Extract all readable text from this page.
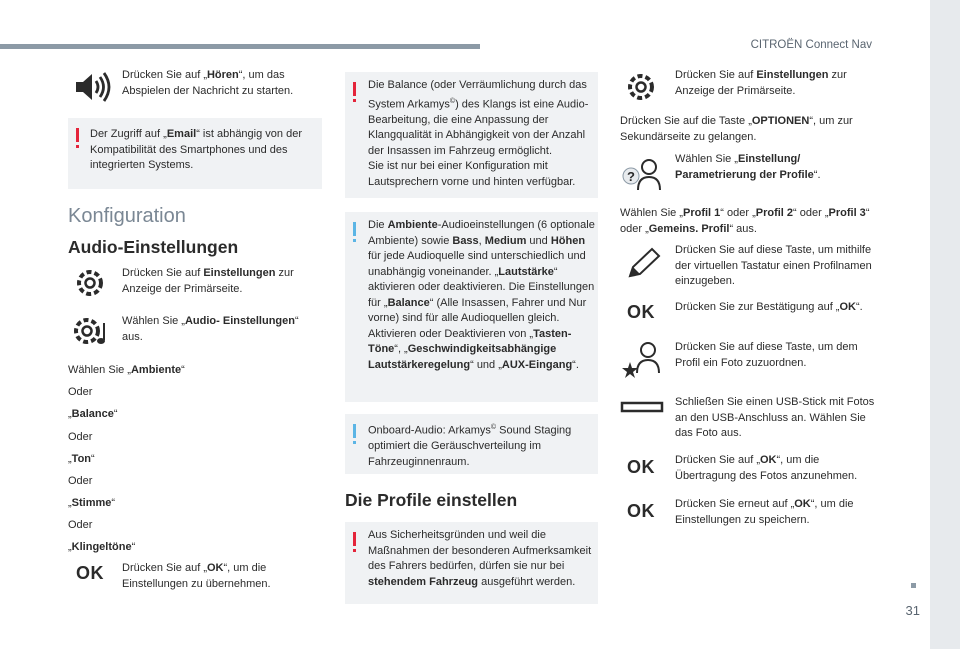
CITROËN Connect Nav
31
Drücken Sie auf „Hören“, um das Abspielen der Nachricht zu starten.
Der Zugriff auf „Email“ ist abhängig von der Kompatibilität des Smartphones und des integrierten Systems.
Konfiguration
Audio-Einstellungen
Drücken Sie auf Einstellungen zur Anzeige der Primärseite.
Wählen Sie „Audio- Einstellungen“ aus.
Wählen Sie „Ambiente“
Oder
„Balance“
Oder
„Ton“
Oder
„Stimme“
Oder
„Klingeltöne“
OK Drücken Sie auf „OK“, um die Einstellungen zu übernehmen.
Die Balance (oder Verräumlichung durch das System Arkamys©) des Klangs ist eine Audio-Bearbeitung, die eine Anpassung der Klangqualität in Abhängigkeit von der Anzahl der Insassen im Fahrzeug ermöglicht.
Sie ist nur bei einer Konfiguration mit Lautsprechern vorne und hinten verfügbar.
Die Ambiente-Audioeinstellungen (6 optionale Ambiente) sowie Bass, Medium und Höhen für jede Audioquelle sind unterschiedlich und unabhängig voneinander. „Lautstärke“ aktivieren oder deaktivieren. Die Einstellungen für „Balance“ (Alle Insassen, Fahrer und Nur vorne) sind für alle Audioquellen gleich. Aktivieren oder Deaktivieren von „Tasten-Töne“, „Geschwindigkeitsabhängige Lautstärkeregelung“ und „AUX-Eingang“.
Onboard-Audio: Arkamys© Sound Staging optimiert die Geräuschverteilung im Fahrzeuginnenraum.
Die Profile einstellen
Aus Sicherheitsgründen und weil die Maßnahmen der besonderen Aufmerksamkeit des Fahrers bedürfen, dürfen sie nur bei stehendem Fahrzeug ausgeführt werden.
Drücken Sie auf Einstellungen zur Anzeige der Primärseite.
Drücken Sie auf die Taste „OPTIONEN“, um zur Sekundärseite zu gelangen.
?
Wählen Sie „Einstellung/ Parametrierung der Profile“.
Wählen Sie „Profil 1“ oder „Profil 2“ oder „Profil 3“ oder „Gemeins. Profil“ aus.
Drücken Sie auf diese Taste, um mithilfe der virtuellen Tastatur einen Profilnamen einzugeben.
OK Drücken Sie zur Bestätigung auf „OK“.
Drücken Sie auf diese Taste, um dem Profil ein Foto zuzuordnen.
Schließen Sie einen USB-Stick mit Fotos an den USB-Anschluss an. Wählen Sie das Foto aus.
OK Drücken Sie auf „OK“, um die Übertragung des Fotos anzunehmen.
OK Drücken Sie erneut auf „OK“, um die Einstellungen zu speichern.
